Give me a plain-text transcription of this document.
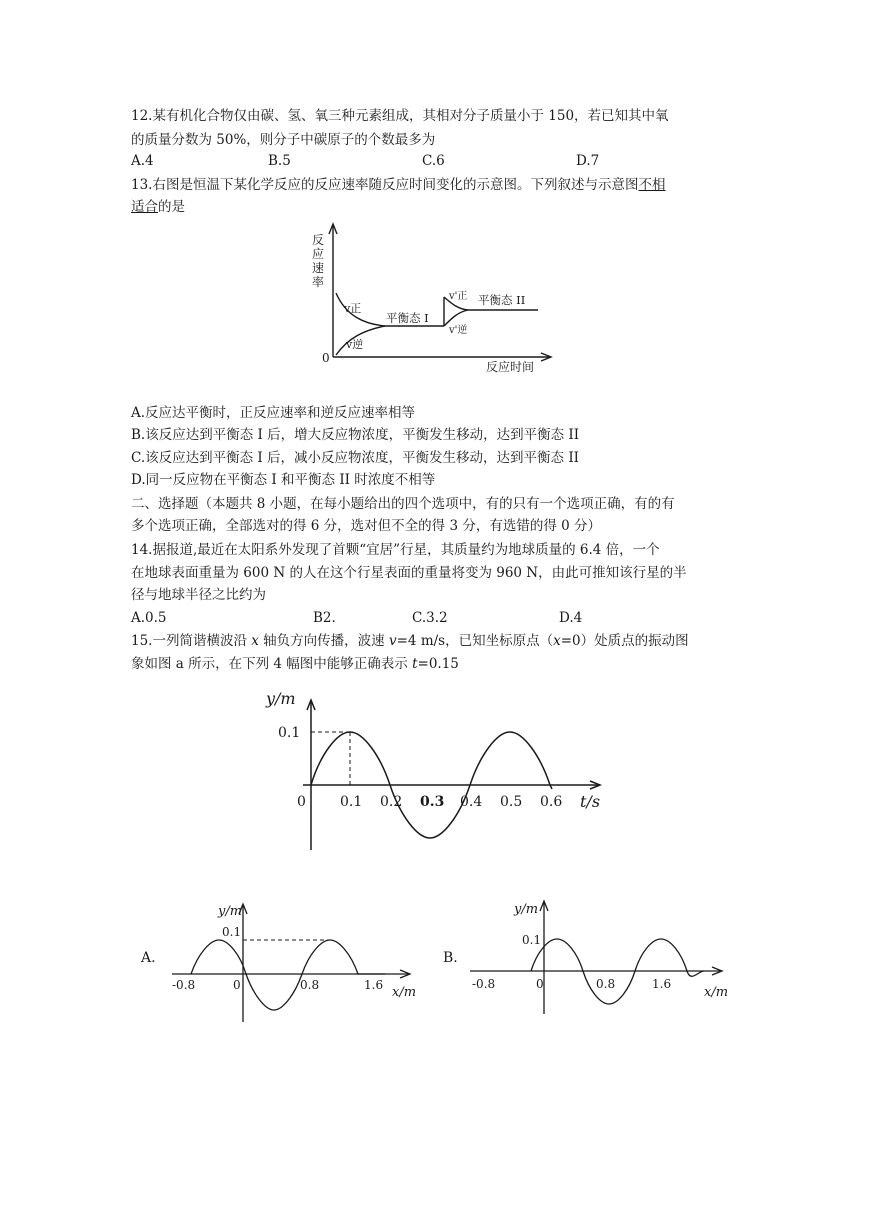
12.某有机化合物仅由碳、氢、氧三种元素组成，其相对分子质量小于 150，若已知其中氧
的质量分数为 50%，则分子中碳原子的个数最多为
A.4	B.5	C.6	D.7
13.右图是恒温下某化学反应的反应速率随反应时间变化的示意图。下列叙述与示意图不相
适合的是
反
应
速
率
0
反应时间
v正
v逆
平衡态 I
v'正
v'逆
平衡态 II
A.反应达平衡时，正反应速率和逆反应速率相等
B.该反应达到平衡态 I 后，增大反应物浓度，平衡发生移动，达到平衡态 II
C.该反应达到平衡态 I 后，减小反应物浓度，平衡发生移动，达到平衡态 II
D.同一反应物在平衡态 I 和平衡态 II 时浓度不相等
二、选择题（本题共 8 小题，在每小题给出的四个选项中，有的只有一个选项正确，有的有
多个选项正确，全部选对的得 6 分，选对但不全的得 3 分，有选错的得 0 分）
14.据报道,最近在太阳系外发现了首颗“宜居”行星，其质量约为地球质量的 6.4 倍，一个
在地球表面重量为 600 N 的人在这个行星表面的重量将变为 960 N，由此可推知该行星的半
径与地球半径之比约为
A.0.5	B2.	C.3.2	D.4
15.一列简谐横波沿 x 轴负方向传播，波速 v=4 m/s，已知坐标原点（x=0）处质点的振动图
象如图 a 所示，在下列 4 幅图中能够正确表示 t=0.15
y/m
t/s
0.1
0 0.1 0.2 0.3 0.4 0.5 0.6
A.
y/m
0.1
x/m
-0.8	0	0.8	1.6
B.
y/m
0.1
x/m
-0.8	0	0.8	1.6
